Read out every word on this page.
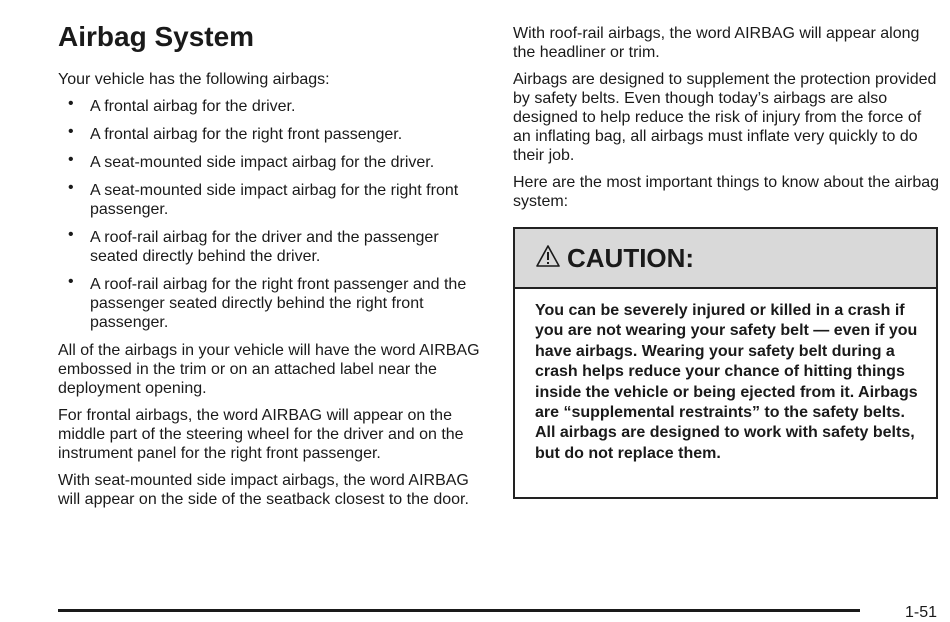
Airbag System

Your vehicle has the following airbags:

• A frontal airbag for the driver.
• A frontal airbag for the right front passenger.
• A seat-mounted side impact airbag for the driver.
• A seat-mounted side impact airbag for the right front passenger.
• A roof-rail airbag for the driver and the passenger seated directly behind the driver.
• A roof-rail airbag for the right front passenger and the passenger seated directly behind the right front passenger.

All of the airbags in your vehicle will have the word AIRBAG embossed in the trim or on an attached label near the deployment opening.

For frontal airbags, the word AIRBAG will appear on the middle part of the steering wheel for the driver and on the instrument panel for the right front passenger.

With seat-mounted side impact airbags, the word AIRBAG will appear on the side of the seatback closest to the door.

With roof-rail airbags, the word AIRBAG will appear along the headliner or trim.

Airbags are designed to supplement the protection provided by safety belts. Even though today’s airbags are also designed to help reduce the risk of injury from the force of an inflating bag, all airbags must inflate very quickly to do their job.

Here are the most important things to know about the airbag system:

CAUTION:
You can be severely injured or killed in a crash if you are not wearing your safety belt — even if you have airbags. Wearing your safety belt during a crash helps reduce your chance of hitting things inside the vehicle or being ejected from it. Airbags are “supplemental restraints” to the safety belts. All airbags are designed to work with safety belts, but do not replace them.
1-51
